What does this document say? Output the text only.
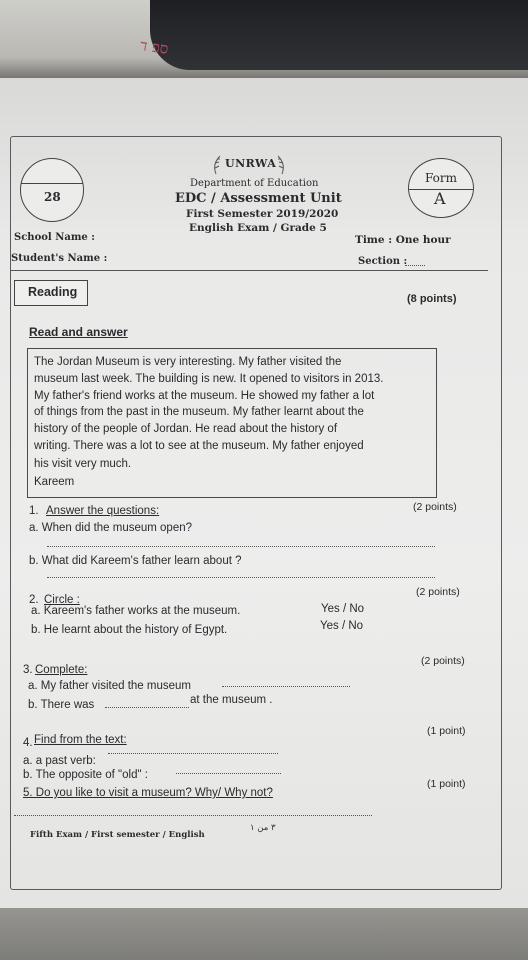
ספ ד
UNRWA
Department of Education
EDC / Assessment Unit
First Semester 2019/2020
English Exam / Grade 5
28
Form
A
School Name :	Time : One hour
Student's Name :	Section :
Reading	(8 points)
Read and answer
The Jordan Museum is very interesting. My father visited the
museum last week. The building is new. It opened to visitors in 2013.
My father's friend works at the museum. He showed my father a lot
of things from the past in the museum. My father learnt about the
history of the people of Jordan. He read about the history of
writing. There was a lot to see at the museum. My father enjoyed
his visit very much.
Kareem
1. Answer the questions:	(2 points)
a. When did the museum open?
b. What did Kareem's father learn about ?
2. Circle :
(2 points)
a. Kareem's father works at the museum.	Yes / No
b. He learnt about the history of Egypt.	Yes / No
3. Complete:
(2 points)
a. My father visited the museum
b. There was	at the museum .
4. Find from the text:
(1 point)
a. a past verb:
b. The opposite of "old" :
5. Do you like to visit a museum? Why/ Why not?
(1 point)
Fifth Exam / First semester / English
٣ من ١
